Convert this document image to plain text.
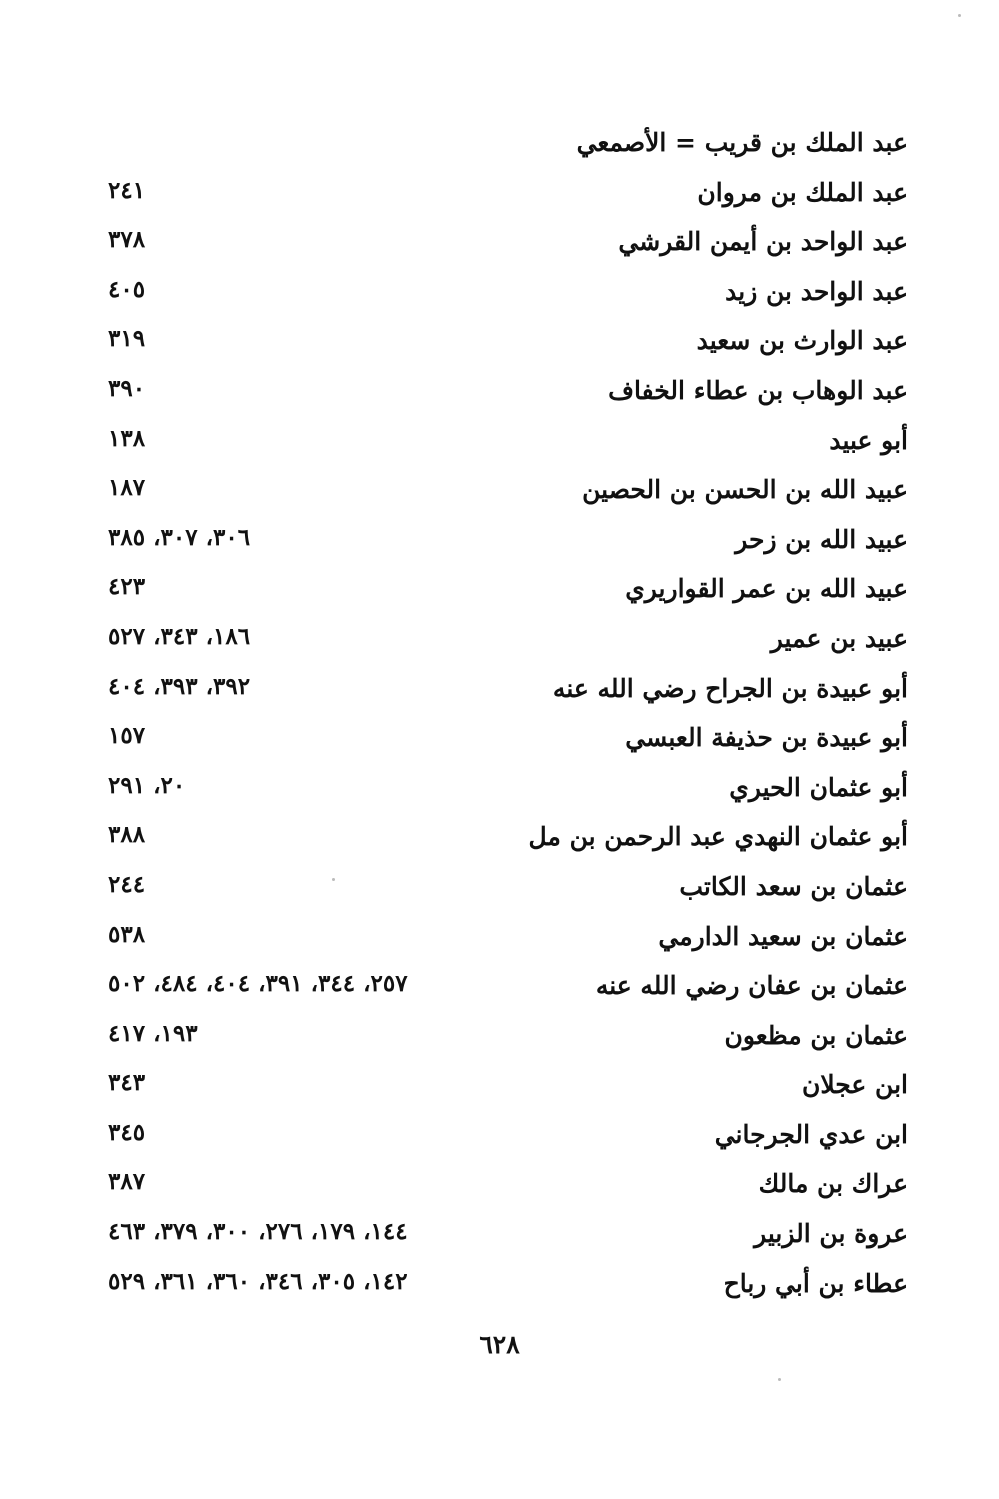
عبد الملك بن قريب = الأصمعي
عبد الملك بن مروان
٢٤١
عبد الواحد بن أيمن القرشي
٣٧٨
عبد الواحد بن زيد
٤٠٥
عبد الوارث بن سعيد
٣١٩
عبد الوهاب بن عطاء الخفاف
٣٩٠
أبو عبيد
١٣٨
عبيد الله بن الحسن بن الحصين
١٨٧
عبيد الله بن زحر
٣٠٦، ٣٠٧، ٣٨٥
عبيد الله بن عمر القواريري
٤٢٣
عبيد بن عمير
١٨٦، ٣٤٣، ٥٢٧
أبو عبيدة بن الجراح رضي الله عنه
٣٩٢، ٣٩٣، ٤٠٤
أبو عبيدة بن حذيفة العبسي
١٥٧
أبو عثمان الحيري
٢٠، ٢٩١
أبو عثمان النهدي عبد الرحمن بن مل
٣٨٨
عثمان بن سعد الكاتب
٢٤٤
عثمان بن سعيد الدارمي
٥٣٨
عثمان بن عفان رضي الله عنه
٢٥٧، ٣٤٤، ٣٩١، ٤٠٤، ٤٨٤، ٥٠٢
عثمان بن مظعون
١٩٣، ٤١٧
ابن عجلان
٣٤٣
ابن عدي الجرجاني
٣٤٥
عراك بن مالك
٣٨٧
عروة بن الزبير
١٤٤، ١٧٩، ٢٧٦، ٣٠٠، ٣٧٩، ٤٦٣
عطاء بن أبي رباح
١٤٢، ٣٠٥، ٣٤٦، ٣٦٠، ٣٦١، ٥٢٩
٦٢٨
